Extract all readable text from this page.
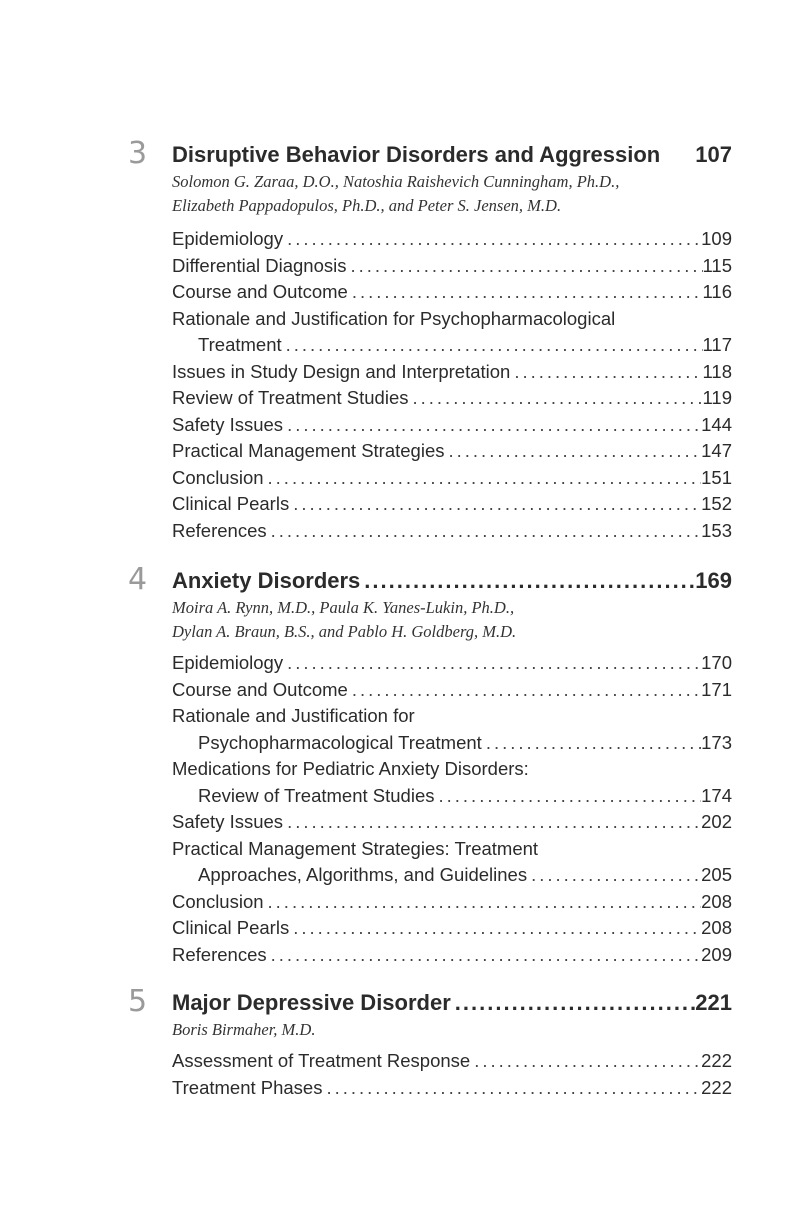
3 Disruptive Behavior Disorders and Aggression 107
Solomon G. Zaraa, D.O., Natoshia Raishevich Cunningham, Ph.D.,
Elizabeth Pappadopulos, Ph.D., and Peter S. Jensen, M.D.
Epidemiology .....	109
Differential Diagnosis .....	115
Course and Outcome .....	116
Rationale and Justification for Psychopharmacological
Treatment .....	117
Issues in Study Design and Interpretation .....	118
Review of Treatment Studies .....	119
Safety Issues .....	144
Practical Management Strategies .....	147
Conclusion .....	151
Clinical Pearls .....	152
References .....	153
4 Anxiety Disorders .....	169
Moira A. Rynn, M.D., Paula K. Yanes-Lukin, Ph.D.,
Dylan A. Braun, B.S., and Pablo H. Goldberg, M.D.
Epidemiology .....	170
Course and Outcome .....	171
Rationale and Justification for
Psychopharmacological Treatment .....	173
Medications for Pediatric Anxiety Disorders:
Review of Treatment Studies .....	174
Safety Issues .....	202
Practical Management Strategies: Treatment
Approaches, Algorithms, and Guidelines .....	205
Conclusion .....	208
Clinical Pearls .....	208
References .....	209
5 Major Depressive Disorder .....	221
Boris Birmaher, M.D.
Assessment of Treatment Response .....	222
Treatment Phases .....	222
